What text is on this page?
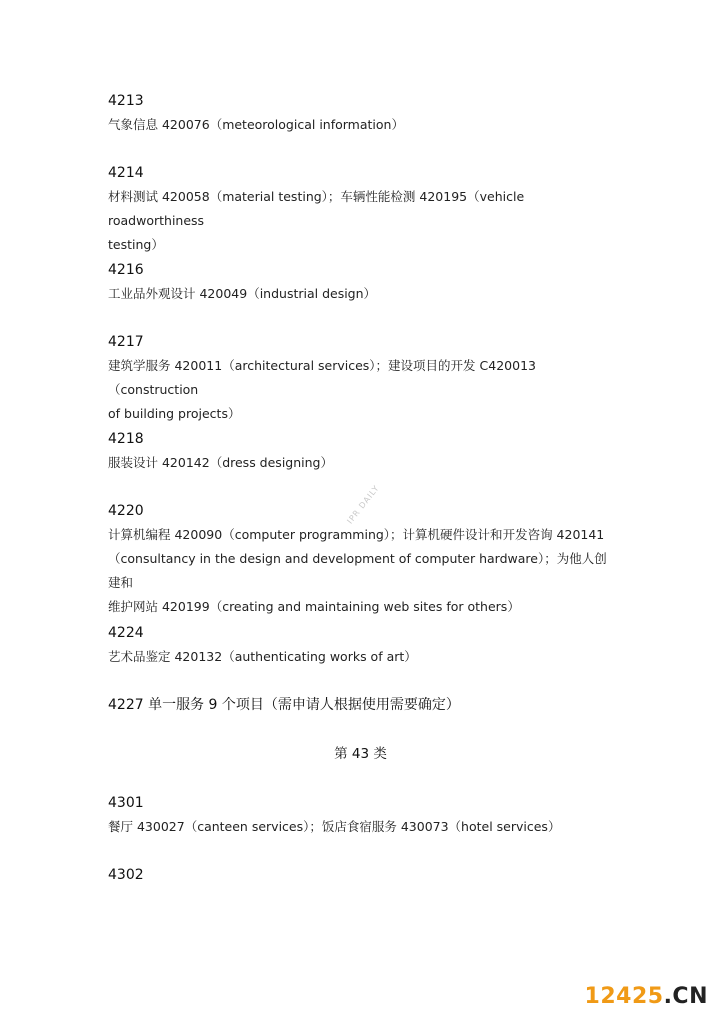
4213
气象信息 420076（meteorological information）
4214
材料测试 420058（material testing）；车辆性能检测 420195（vehicle roadworthiness
testing）
4216
工业品外观设计 420049（industrial design）
4217
建筑学服务 420011（architectural services）；建设项目的开发 C420013（construction
of building projects）
4218
服装设计 420142（dress designing）
4220
计算机编程 420090（computer programming）；计算机硬件设计和开发咨询 420141
（consultancy in the design and development of computer hardware）；为他人创建和
维护网站 420199（creating and maintaining web sites for others）
4224
艺术品鉴定 420132（authenticating works of art）
4227 单一服务 9 个项目（需申请人根据使用需要确定）
第 43 类
4301
餐厅 430027（canteen services）；饭店食宿服务 430073（hotel services）
4302
IPR DAILY
12425.CN
